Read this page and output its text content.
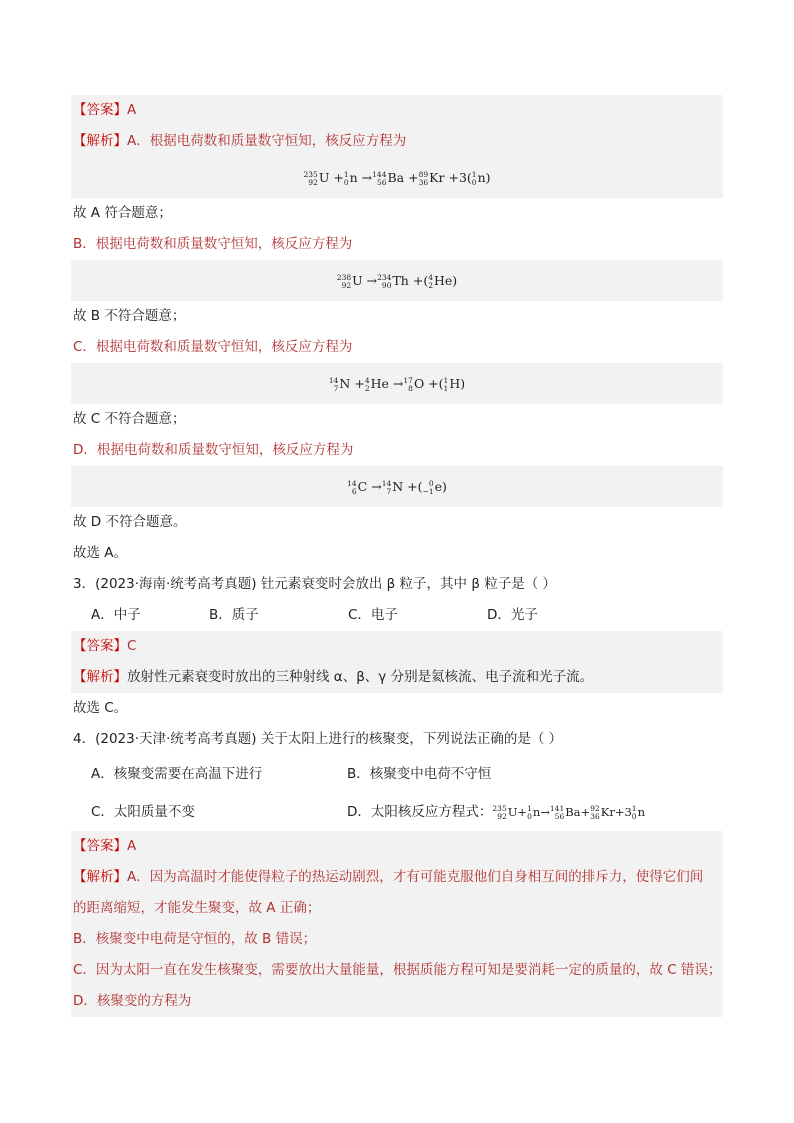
【答案】A
【解析】A．根据电荷数和质量数守恒知，核反应方程为
235
92 U + 1
0 n → 144
56 Ba + 89
36 Kr +3( 1
0 n)
故 A 符合题意；
B．根据电荷数和质量数守恒知，核反应方程为
238
92 U → 234
90 Th +( 4
2 He)
故 B 不符合题意；
C．根据电荷数和质量数守恒知，核反应方程为
14
7 N + 4
2 He → 17
8 O +( 1
1 H)
故 C 不符合题意；
D．根据电荷数和质量数守恒知，核反应方程为
14
6 C → 14
7 N +( 0
−1 e)
故 D 不符合题意。
故选 A。
3．(2023·海南·统考高考真题) 钍元素衰变时会放出 β 粒子，其中 β 粒子是（ ）
A．中子	B．质子	C．电子	D．光子
【答案】C
【解析】放射性元素衰变时放出的三种射线 α、β、γ 分别是氦核流、电子流和光子流。
故选 C。
4．(2023·天津·统考高考真题) 关于太阳上进行的核聚变，下列说法正确的是（ ）
A．核聚变需要在高温下进行	B．核聚变中电荷不守恒
C．太阳质量不变	D．太阳核反应方程式： 235
92 U+ 1
0 n→ 141
56 Ba+ 92
36 Kr+3 1
0 n
【答案】A
【解析】A．因为高温时才能使得粒子的热运动剧烈，才有可能克服他们自身相互间的排斥力，使得它们间
的距离缩短，才能发生聚变，故 A 正确；
B．核聚变中电荷是守恒的，故 B 错误；
C．因为太阳一直在发生核聚变，需要放出大量能量，根据质能方程可知是要消耗一定的质量的，故 C 错误；
D．核聚变的方程为
